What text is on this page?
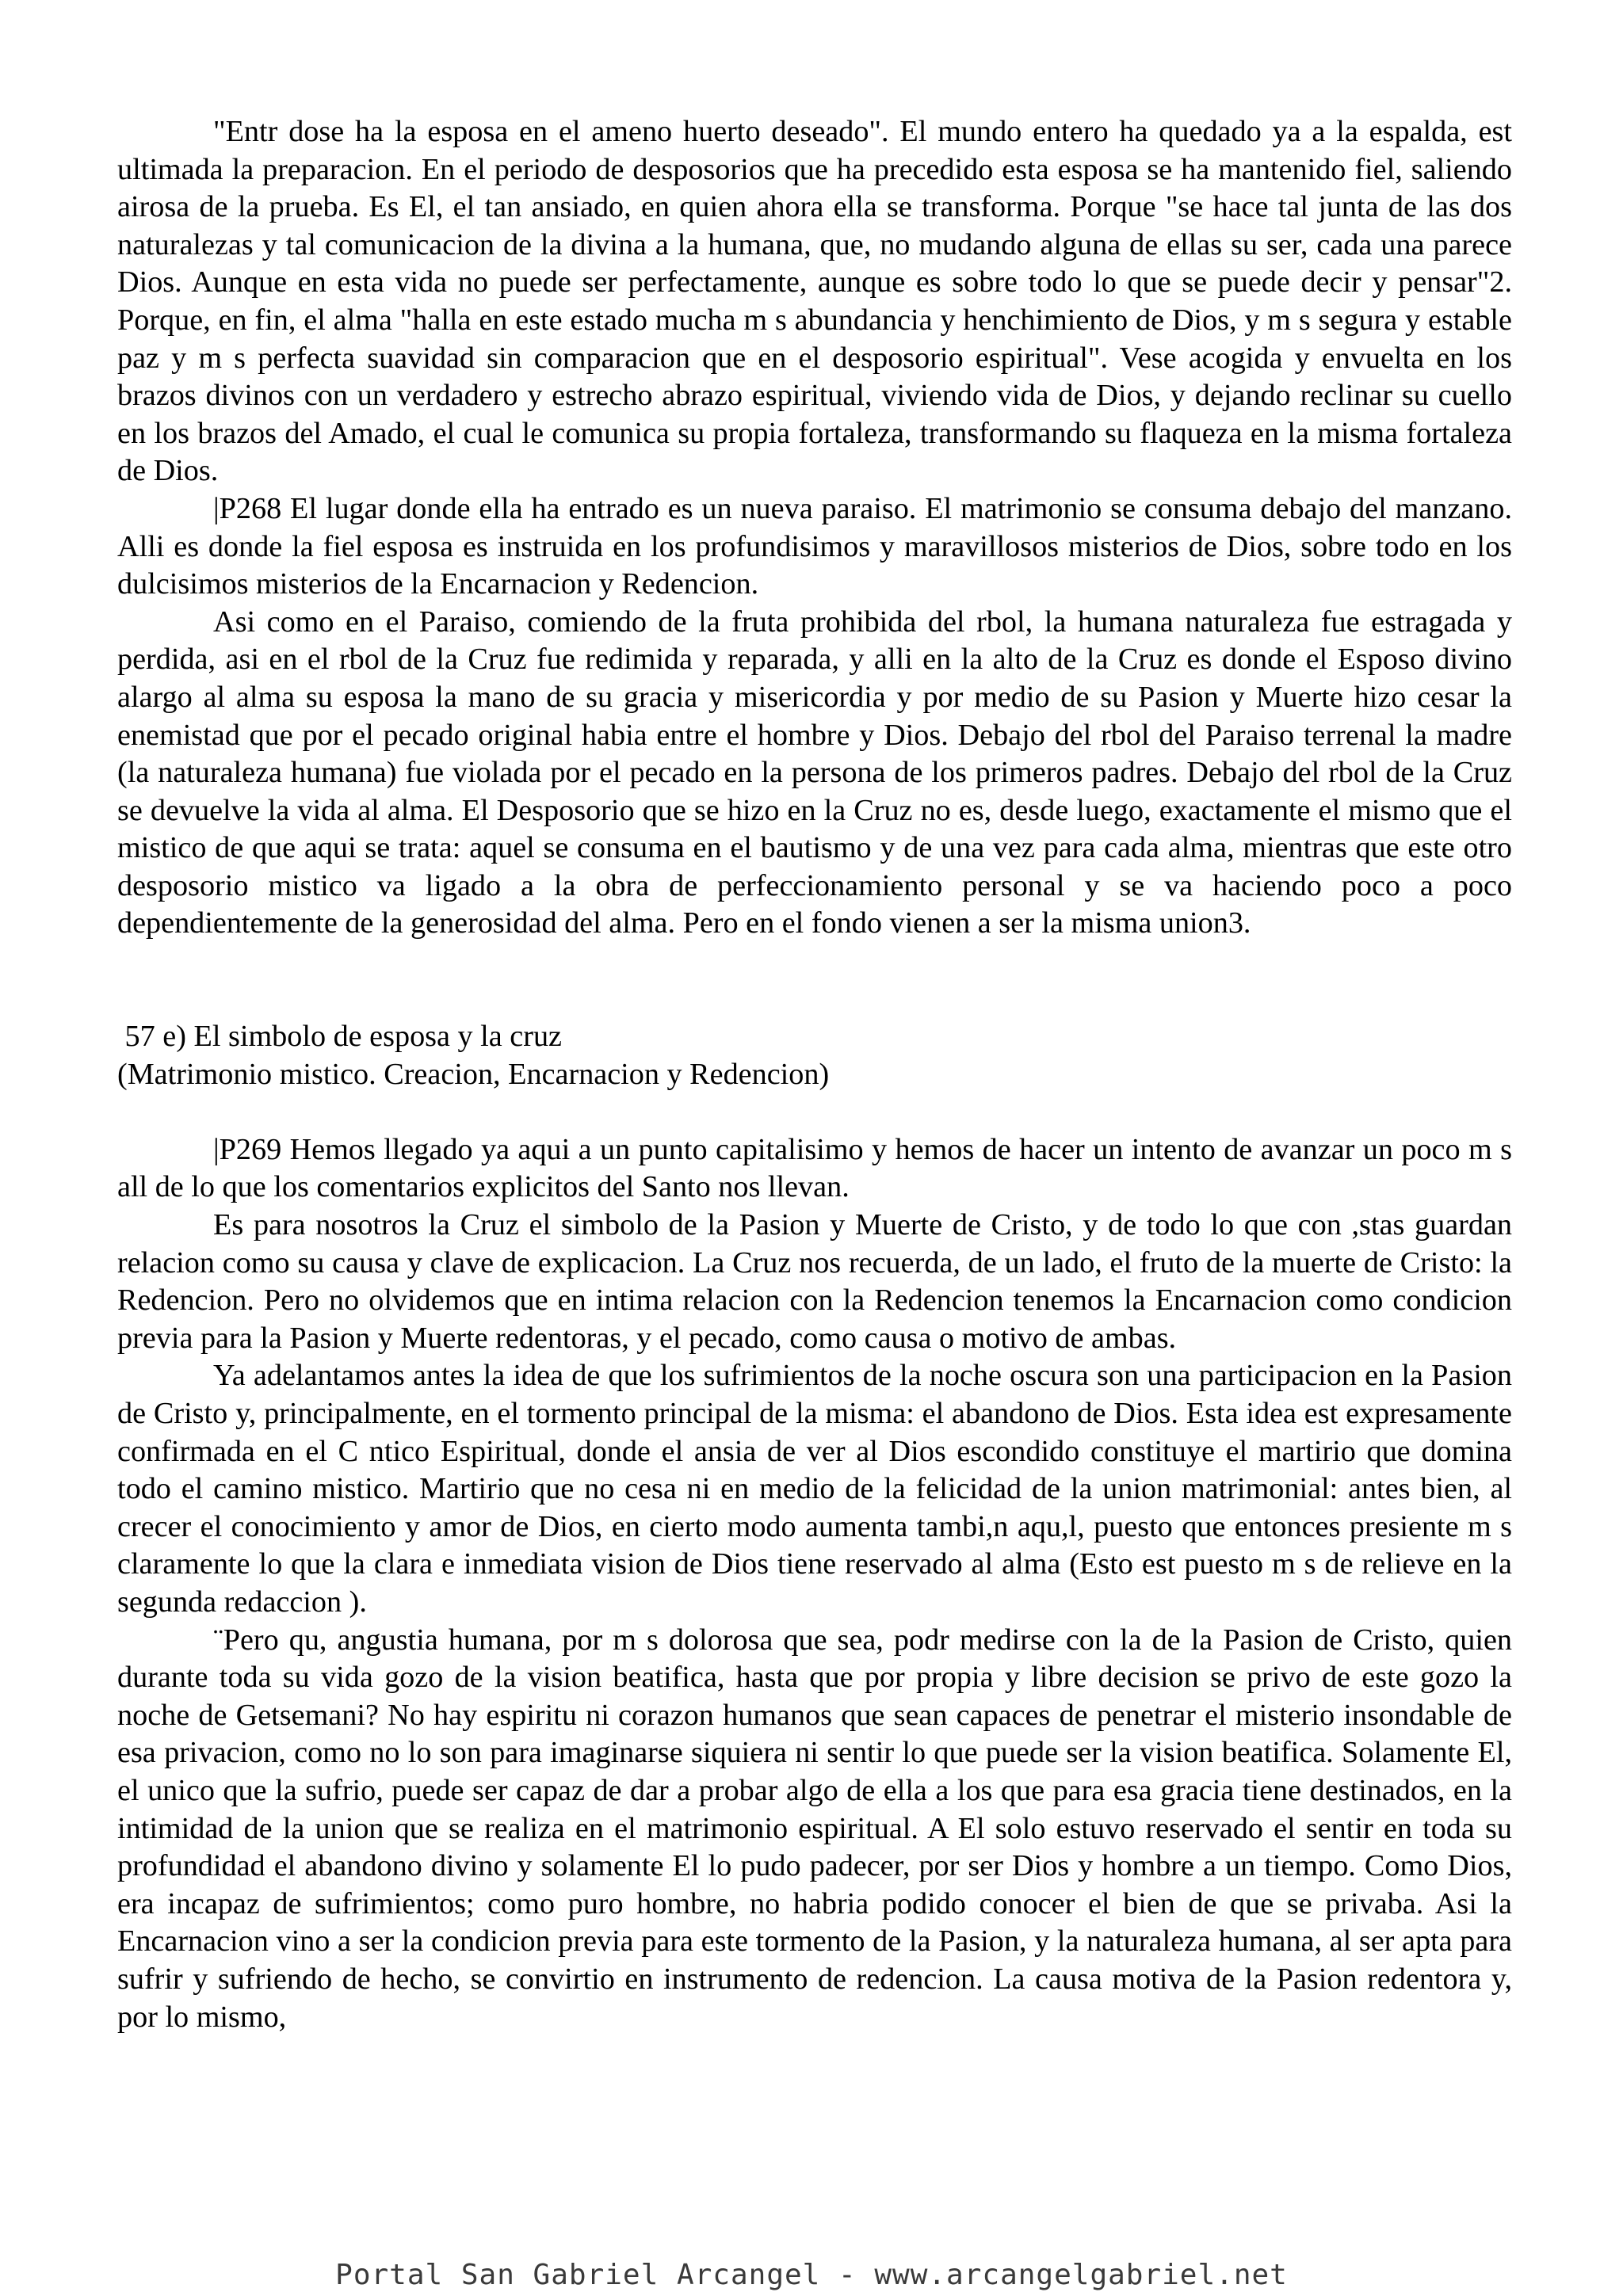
"Entr dose ha la esposa en el ameno huerto deseado". El mundo entero ha quedado ya a la espalda, est ultimada la preparacion. En el periodo de desposorios que ha precedido esta esposa se ha mantenido fiel, saliendo airosa de la prueba. Es El, el tan ansiado, en quien ahora ella se transforma. Porque "se hace tal junta de las dos naturalezas y tal comunicacion de la divina a la humana, que, no mudando alguna de ellas su ser, cada una parece Dios. Aunque en esta vida no puede ser perfectamente, aunque es sobre todo lo que se puede decir y pensar"2. Porque, en fin, el alma "halla en este estado mucha m s abundancia y henchimiento de Dios, y m s segura y estable paz y m s perfecta suavidad sin comparacion que en el desposorio espiritual". Vese acogida y envuelta en los brazos divinos con un verdadero y estrecho abrazo espiritual, viviendo vida de Dios, y dejando reclinar su cuello en los brazos del Amado, el cual le comunica su propia fortaleza, transformando su flaqueza en la misma fortaleza de Dios.

|P268 El lugar donde ella ha entrado es un nueva paraiso. El matrimonio se consuma debajo del manzano. Alli es donde la fiel esposa es instruida en los profundisimos y maravillosos misterios de Dios, sobre todo en los dulcisimos misterios de la Encarnacion y Redencion.

Asi como en el Paraiso, comiendo de la fruta prohibida del rbol, la humana naturaleza fue estragada y perdida, asi en el rbol de la Cruz fue redimida y reparada, y alli en la alto de la Cruz es donde el Esposo divino alargo al alma su esposa la mano de su gracia y misericordia y por medio de su Pasion y Muerte hizo cesar la enemistad que por el pecado original habia entre el hombre y Dios. Debajo del rbol del Paraiso terrenal la madre (la naturaleza humana) fue violada por el pecado en la persona de los primeros padres. Debajo del rbol de la Cruz se devuelve la vida al alma. El Desposorio que se hizo en la Cruz no es, desde luego, exactamente el mismo que el mistico de que aqui se trata: aquel se consuma en el bautismo y de una vez para cada alma, mientras que este otro desposorio mistico va ligado a la obra de perfeccionamiento personal y se va haciendo poco a poco dependientemente de la generosidad del alma. Pero en el fondo vienen a ser la misma union3.

57 e) El simbolo de esposa y la cruz
(Matrimonio mistico. Creacion, Encarnacion y Redencion)

|P269 Hemos llegado ya aqui a un punto capitalisimo y hemos de hacer un intento de avanzar un poco m s all de lo que los comentarios explicitos del Santo nos llevan.

Es para nosotros la Cruz el simbolo de la Pasion y Muerte de Cristo, y de todo lo que con ,stas guardan relacion como su causa y clave de explicacion. La Cruz nos recuerda, de un lado, el fruto de la muerte de Cristo: la Redencion. Pero no olvidemos que en intima relacion con la Redencion tenemos la Encarnacion como condicion previa para la Pasion y Muerte redentoras, y el pecado, como causa o motivo de ambas.

Ya adelantamos antes la idea de que los sufrimientos de la noche oscura son una participacion en la Pasion de Cristo y, principalmente, en el tormento principal de la misma: el abandono de Dios. Esta idea est expresamente confirmada en el C ntico Espiritual, donde el ansia de ver al Dios escondido constituye el martirio que domina todo el camino mistico. Martirio que no cesa ni en medio de la felicidad de la union matrimonial: antes bien, al crecer el conocimiento y amor de Dios, en cierto modo aumenta tambi,n aqu,l, puesto que entonces presiente m s claramente lo que la clara e inmediata vision de Dios tiene reservado al alma (Esto est puesto m s de relieve en la segunda redaccion ).

¨Pero qu, angustia humana, por m s dolorosa que sea, podr medirse con la de la Pasion de Cristo, quien durante toda su vida gozo de la vision beatifica, hasta que por propia y libre decision se privo de este gozo la noche de Getsemani? No hay espiritu ni corazon humanos que sean capaces de penetrar el misterio insondable de esa privacion, como no lo son para imaginarse siquiera ni sentir lo que puede ser la vision beatifica. Solamente El, el unico que la sufrio, puede ser capaz de dar a probar algo de ella a los que para esa gracia tiene destinados, en la intimidad de la union que se realiza en el matrimonio espiritual. A El solo estuvo reservado el sentir en toda su profundidad el abandono divino y solamente El lo pudo padecer, por ser Dios y hombre a un tiempo. Como Dios, era incapaz de sufrimientos; como puro hombre, no habria podido conocer el bien de que se privaba. Asi la Encarnacion vino a ser la condicion previa para este tormento de la Pasion, y la naturaleza humana, al ser apta para sufrir y sufriendo de hecho, se convirtio en instrumento de redencion. La causa motiva de la Pasion redentora y, por lo mismo,

Portal San Gabriel Arcangel - www.arcangelgabriel.net
